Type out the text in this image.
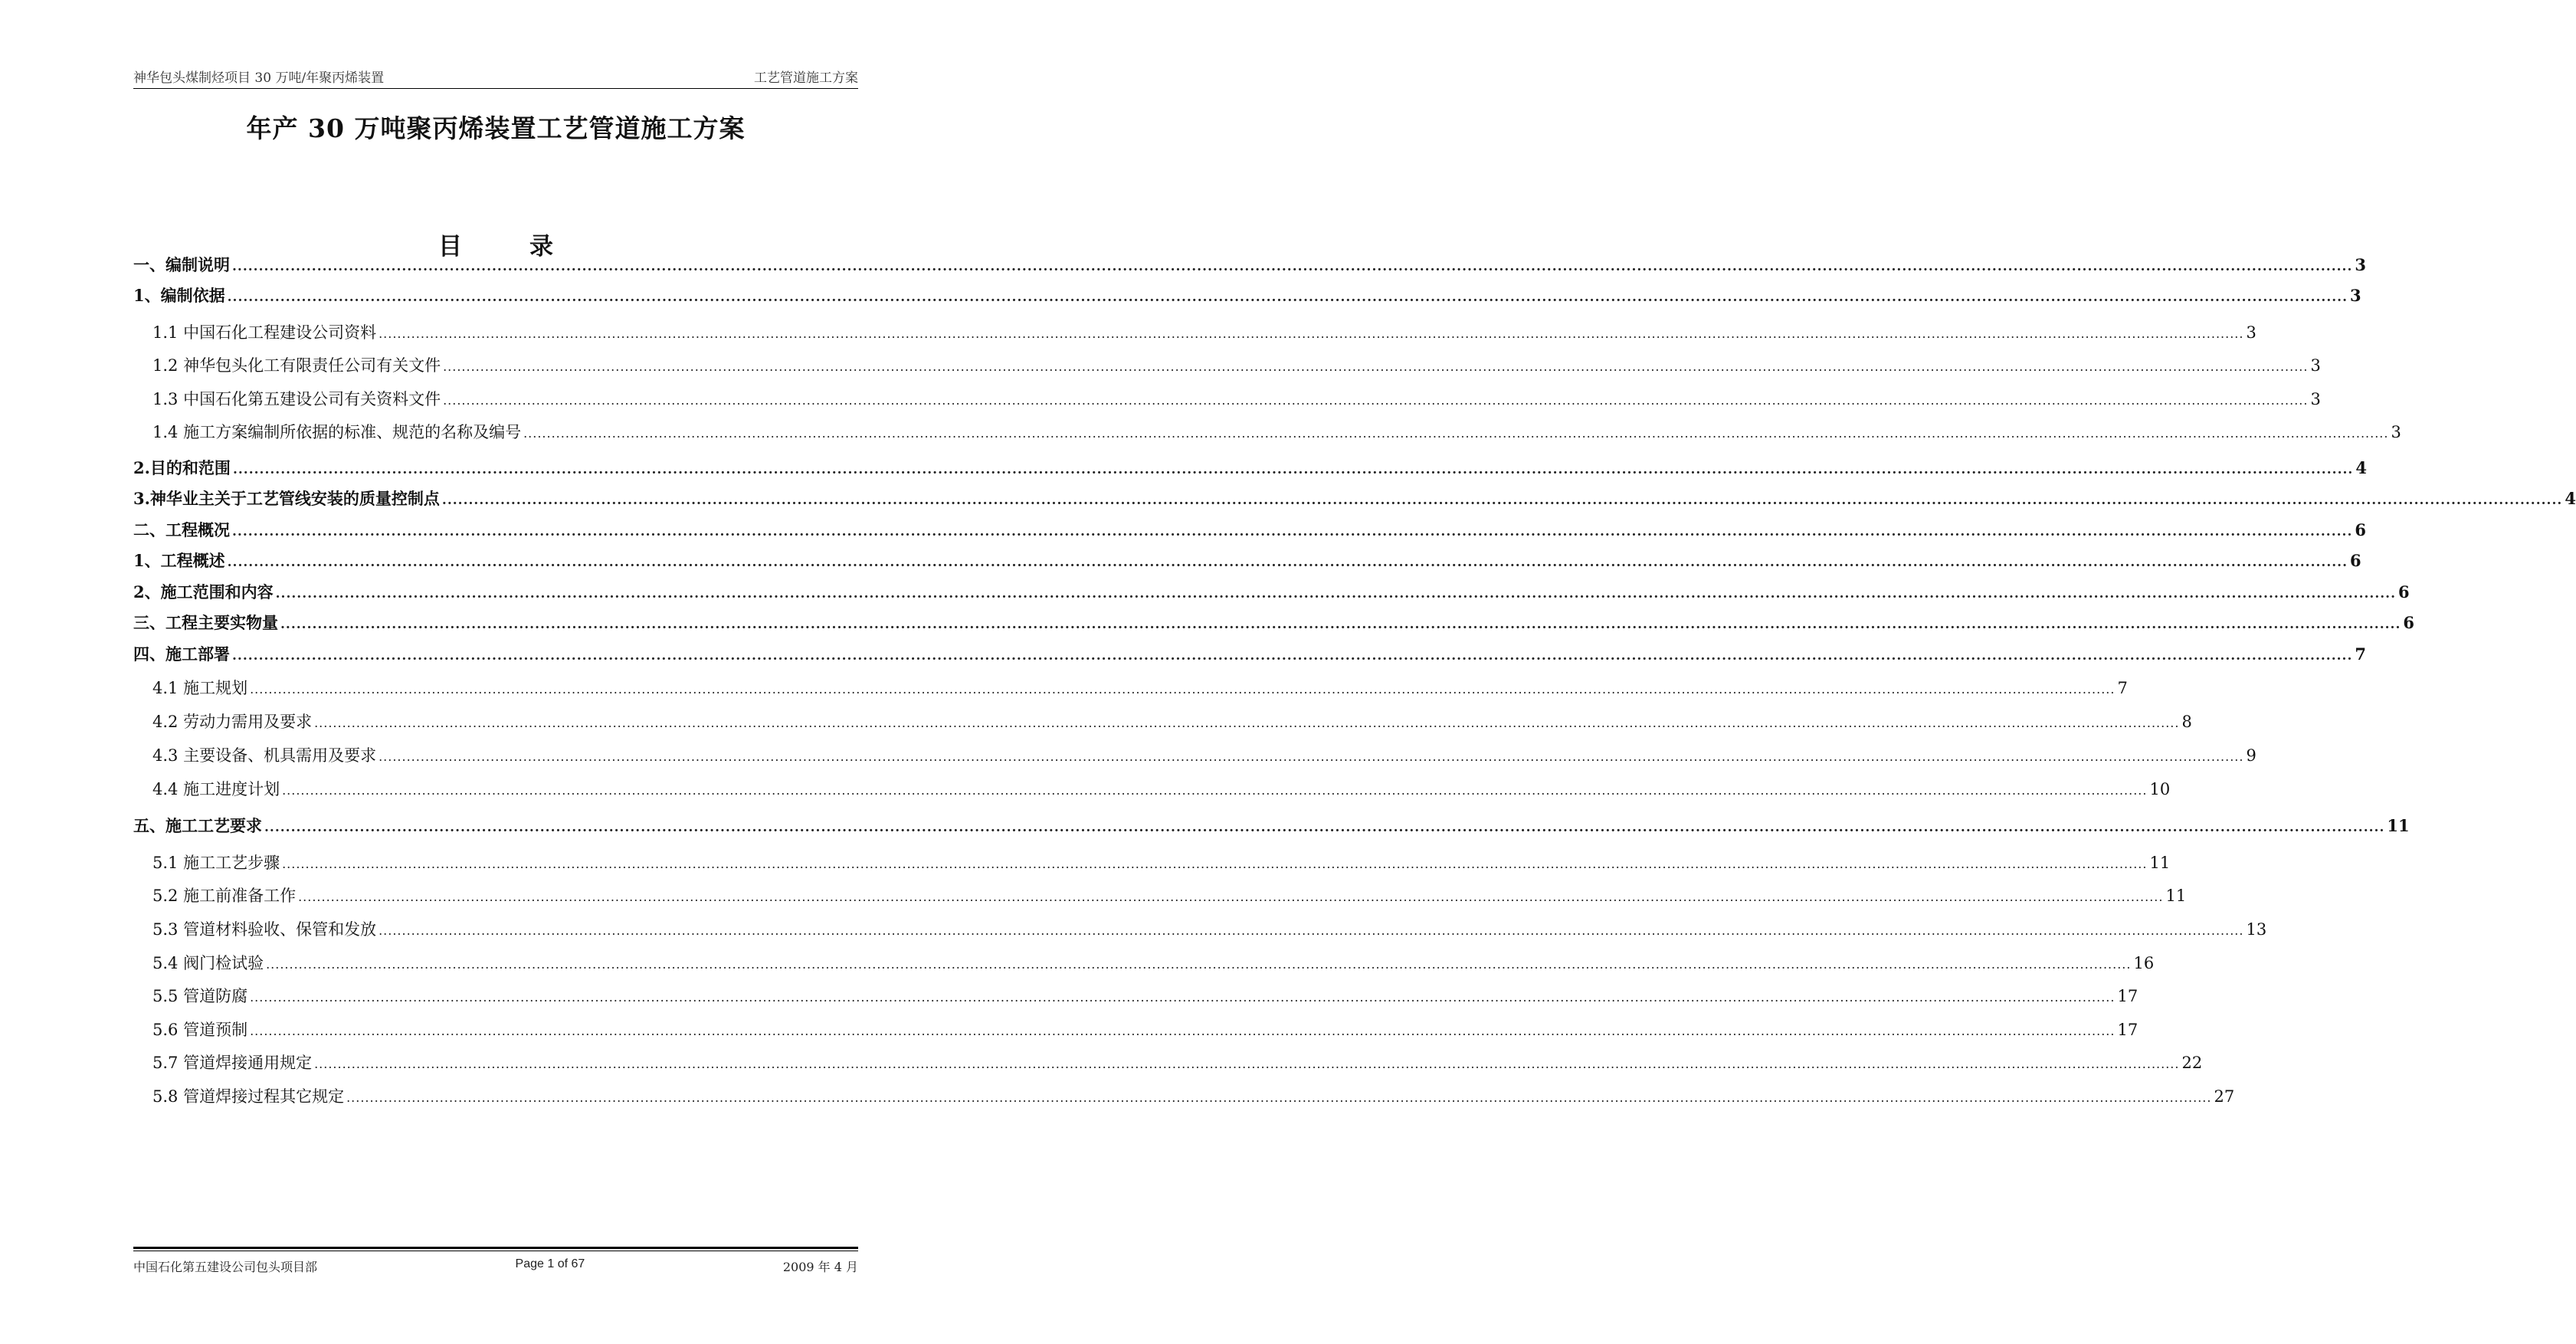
神华包头煤制烃项目 30 万吨/年聚丙烯装置	工艺管道施工方案
年产 30 万吨聚丙烯装置工艺管道施工方案
目录
一、编制说明 ................................................................................................................................................................................................................................................................................................................................................................................................................ 3
1、编制依据 ................................................................................................................................................................................................................................................................................................................................................................................................................ 3
1.1 中国石化工程建设公司资料 ................................................................................................................................................................................................................................................................................................................................................................................................................ 3
1.2 神华包头化工有限责任公司有关文件 ................................................................................................................................................................................................................................................................................................................................................................................................................ 3
1.3 中国石化第五建设公司有关资料文件 ................................................................................................................................................................................................................................................................................................................................................................................................................ 3
1.4 施工方案编制所依据的标准、规范的名称及编号 ................................................................................................................................................................................................................................................................................................................................................................................................................ 3
2.目的和范围 ................................................................................................................................................................................................................................................................................................................................................................................................................ 4
3.神华业主关于工艺管线安装的质量控制点 ................................................................................................................................................................................................................................................................................................................................................................................................................ 4
二、工程概况 ................................................................................................................................................................................................................................................................................................................................................................................................................ 6
1、工程概述 ................................................................................................................................................................................................................................................................................................................................................................................................................ 6
2、施工范围和内容 ................................................................................................................................................................................................................................................................................................................................................................................................................ 6
三、工程主要实物量 ................................................................................................................................................................................................................................................................................................................................................................................................................ 6
四、施工部署 ................................................................................................................................................................................................................................................................................................................................................................................................................ 7
4.1 施工规划 ................................................................................................................................................................................................................................................................................................................................................................................................................ 7
4.2 劳动力需用及要求 ................................................................................................................................................................................................................................................................................................................................................................................................................ 8
4.3 主要设备、机具需用及要求 ................................................................................................................................................................................................................................................................................................................................................................................................................ 9
4.4 施工进度计划 ................................................................................................................................................................................................................................................................................................................................................................................................................ 10
五、施工工艺要求 ................................................................................................................................................................................................................................................................................................................................................................................................................ 11
5.1 施工工艺步骤 ................................................................................................................................................................................................................................................................................................................................................................................................................ 11
5.2 施工前准备工作 ................................................................................................................................................................................................................................................................................................................................................................................................................ 11
5.3 管道材料验收、保管和发放 ................................................................................................................................................................................................................................................................................................................................................................................................................ 13
5.4 阀门检试验 ................................................................................................................................................................................................................................................................................................................................................................................................................ 16
5.5 管道防腐 ................................................................................................................................................................................................................................................................................................................................................................................................................ 17
5.6 管道预制 ................................................................................................................................................................................................................................................................................................................................................................................................................ 17
5.7 管道焊接通用规定 ................................................................................................................................................................................................................................................................................................................................................................................................................ 22
5.8 管道焊接过程其它规定 ................................................................................................................................................................................................................................................................................................................................................................................................................ 27
中国石化第五建设公司包头项目部	Page 1 of 67	2009 年 4 月
